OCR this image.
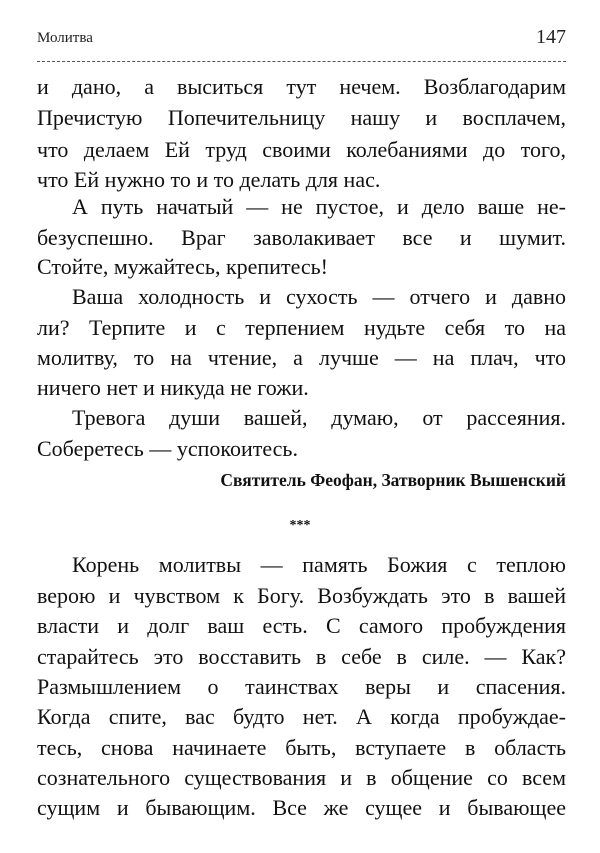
Молитва	147
и дано, а выситься тут нечем. Возблагодарим
Пречистую Попечительницу нашу и восплачем,
что делаем Ей труд своими колебаниями до того,
что Ей нужно то и то делать для нас.
А путь начатый — не пустое, и дело ваше не-
безуспешно. Враг заволакивает все и шумит.
Стойте, мужайтесь, крепитесь!
Ваша холодность и сухость — отчего и давно
ли? Терпите и с терпением нудьте себя то на
молитву, то на чтение, а лучше — на плач, что
ничего нет и никуда не гожи.
Тревога души вашей, думаю, от рассеяния.
Соберетесь — успокоитесь.
Корень молитвы — память Божия с теплою
верою и чувством к Богу. Возбуждать это в вашей
власти и долг ваш есть. С самого пробуждения
старайтесь это восставить в себе в силе. — Как?
Размышлением о таинствах веры и спасения.
Когда спите, вас будто нет. А когда пробуждае-
тесь, снова начинаете быть, вступаете в область
сознательного существования и в общение со всем
сущим и бывающим. Все же сущее и бывающее
Святитель Феофан, Затворник Вышенский
***
